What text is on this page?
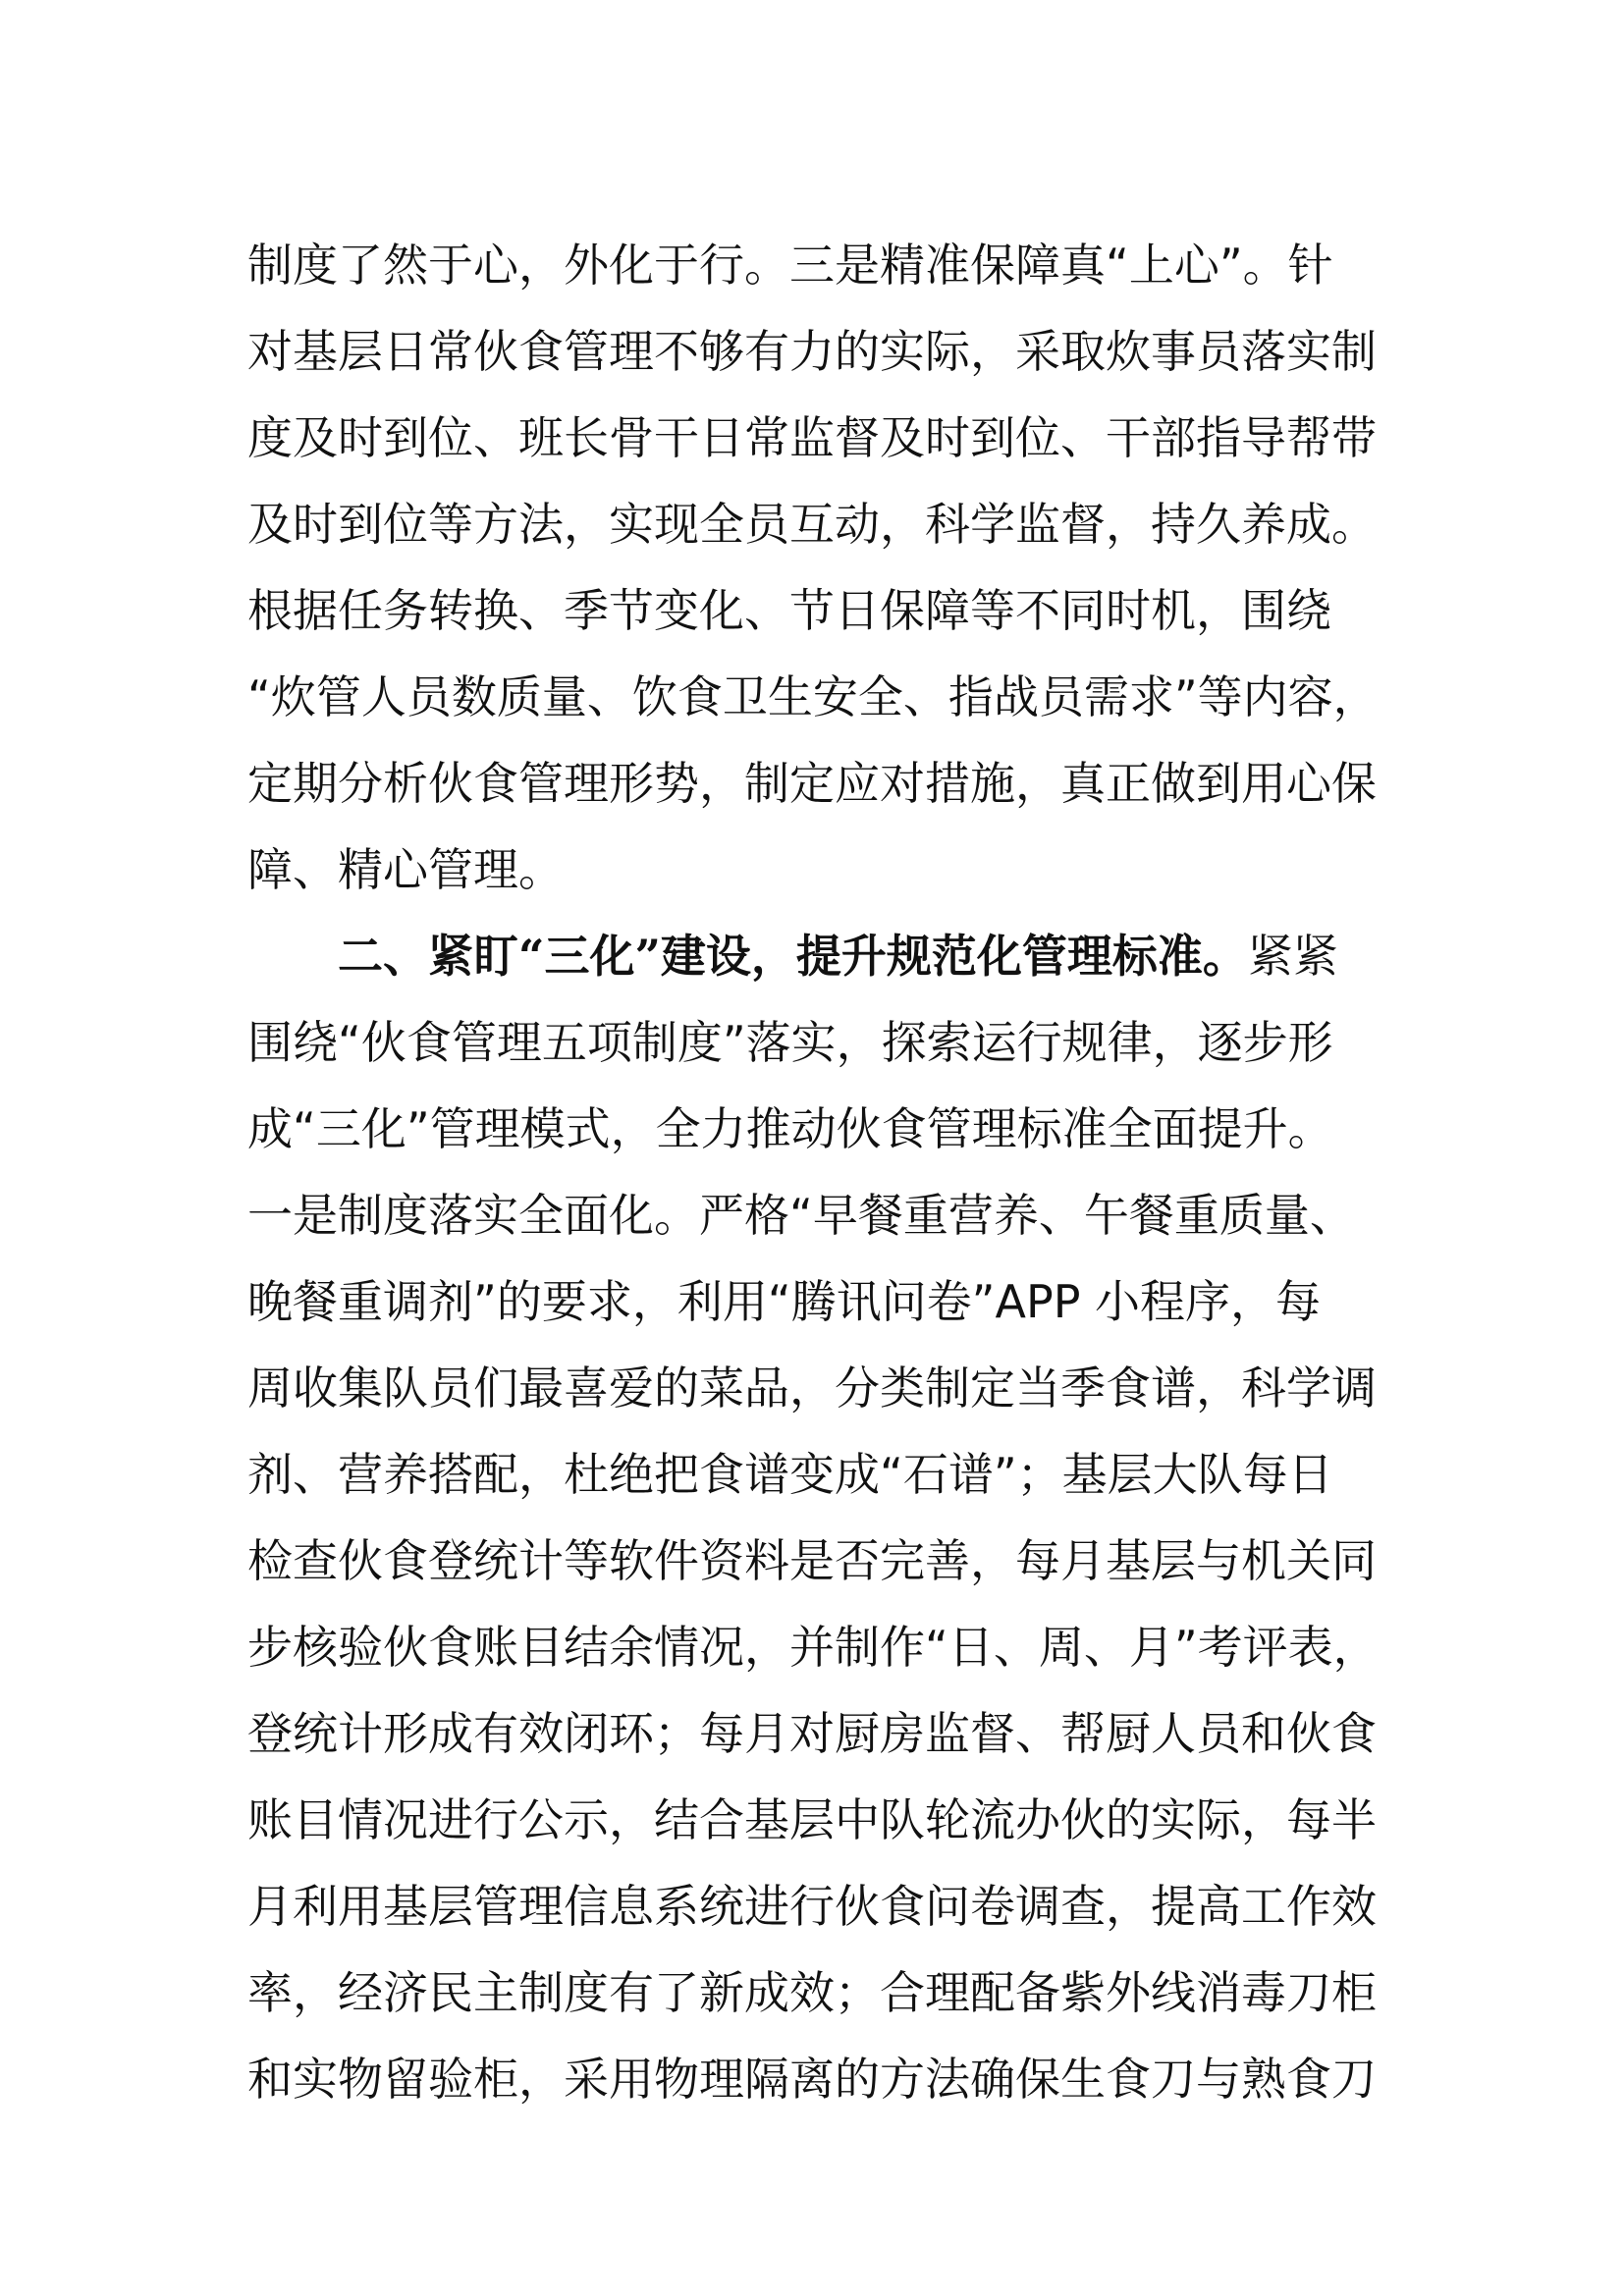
制度了然于心，外化于行。三是精准保障真“上心”。针
对基层日常伙食管理不够有力的实际，采取炊事员落实制
度及时到位、班长骨干日常监督及时到位、干部指导帮带
及时到位等方法，实现全员互动，科学监督，持久养成。
根据任务转换、季节变化、节日保障等不同时机，围绕
“炊管人员数质量、饮食卫生安全、指战员需求”等内容，
定期分析伙食管理形势，制定应对措施，真正做到用心保
障、精心管理。
二、紧盯“三化”建设，提升规范化管理标准。紧紧
围绕“伙食管理五项制度”落实，探索运行规律，逐步形
成“三化”管理模式，全力推动伙食管理标准全面提升。
一是制度落实全面化。严格“早餐重营养、午餐重质量、
晚餐重调剂”的要求，利用“腾讯问卷”APP 小程序，每
周收集队员们最喜爱的菜品，分类制定当季食谱，科学调
剂、营养搭配，杜绝把食谱变成“石谱”；基层大队每日
检查伙食登统计等软件资料是否完善，每月基层与机关同
步核验伙食账目结余情况，并制作“日、周、月”考评表，
登统计形成有效闭环；每月对厨房监督、帮厨人员和伙食
账目情况进行公示，结合基层中队轮流办伙的实际，每半
月利用基层管理信息系统进行伙食问卷调查，提高工作效
率，经济民主制度有了新成效；合理配备紫外线消毒刀柜
和实物留验柜，采用物理隔离的方法确保生食刀与熟食刀
